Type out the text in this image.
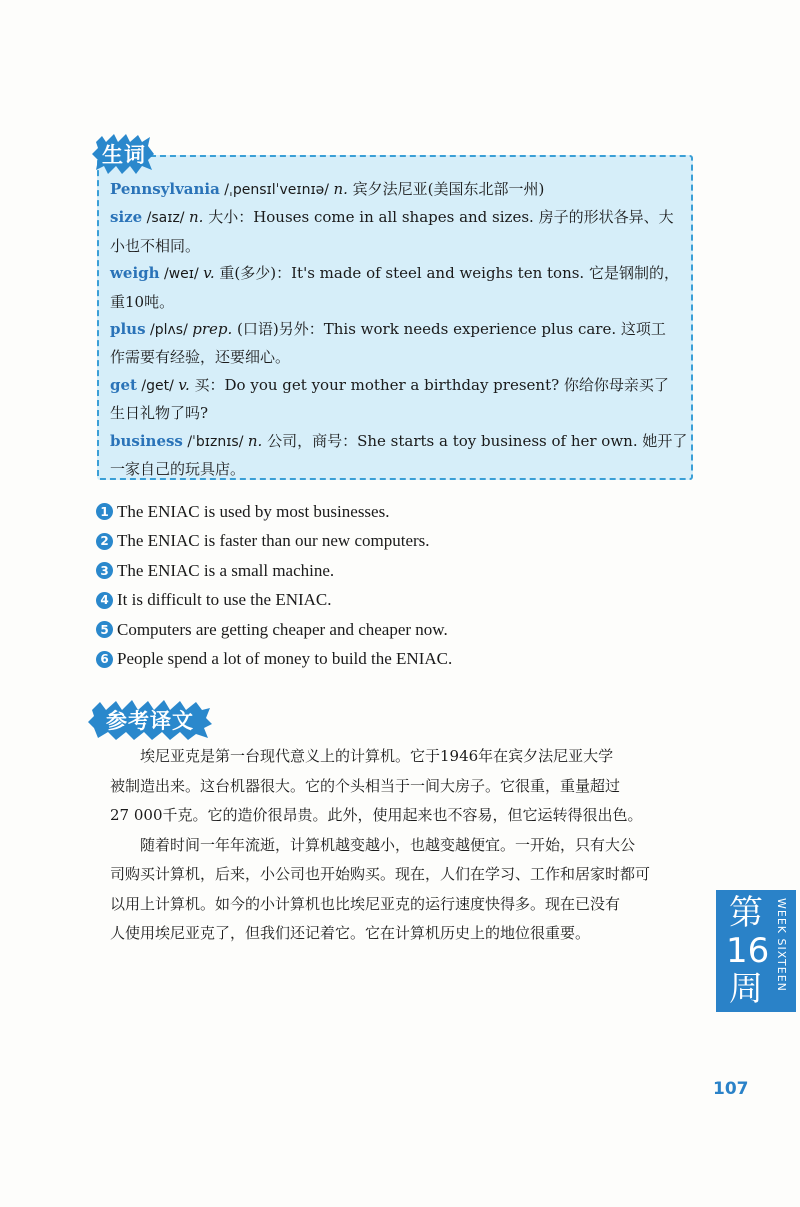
生词
Pennsylvania /ˌpensɪlˈveɪnɪə/ n. 宾夕法尼亚(美国东北部一州)
size /saɪz/ n. 大小：Houses come in all shapes and sizes. 房子的形状各异、大
小也不相同。
weigh /weɪ/ v. 重(多少)：It's made of steel and weighs ten tons. 它是钢制的，
重10吨。
plus /plʌs/ prep. (口语)另外：This work needs experience plus care. 这项工
作需要有经验，还要细心。
get /get/ v. 买：Do you get your mother a birthday present? 你给你母亲买了
生日礼物了吗?
business /ˈbɪznɪs/ n. 公司，商号：She starts a toy business of her own. 她开了
一家自己的玩具店。
1 The ENIAC is used by most businesses.
2 The ENIAC is faster than our new computers.
3 The ENIAC is a small machine.
4 It is difficult to use the ENIAC.
5 Computers are getting cheaper and cheaper now.
6 People spend a lot of money to build the ENIAC.
参考译文
埃尼亚克是第一台现代意义上的计算机。它于1946年在宾夕法尼亚大学
被制造出来。这台机器很大。它的个头相当于一间大房子。它很重，重量超过
27 000千克。它的造价很昂贵。此外，使用起来也不容易，但它运转得很出色。
随着时间一年年流逝，计算机越变越小，也越变越便宜。一开始，只有大公
司购买计算机，后来，小公司也开始购买。现在，人们在学习、工作和居家时都可
以用上计算机。如今的小计算机也比埃尼亚克的运行速度快得多。现在已没有
人使用埃尼亚克了，但我们还记着它。它在计算机历史上的地位很重要。	第
16
周	WEEK SIXTEEN
107
